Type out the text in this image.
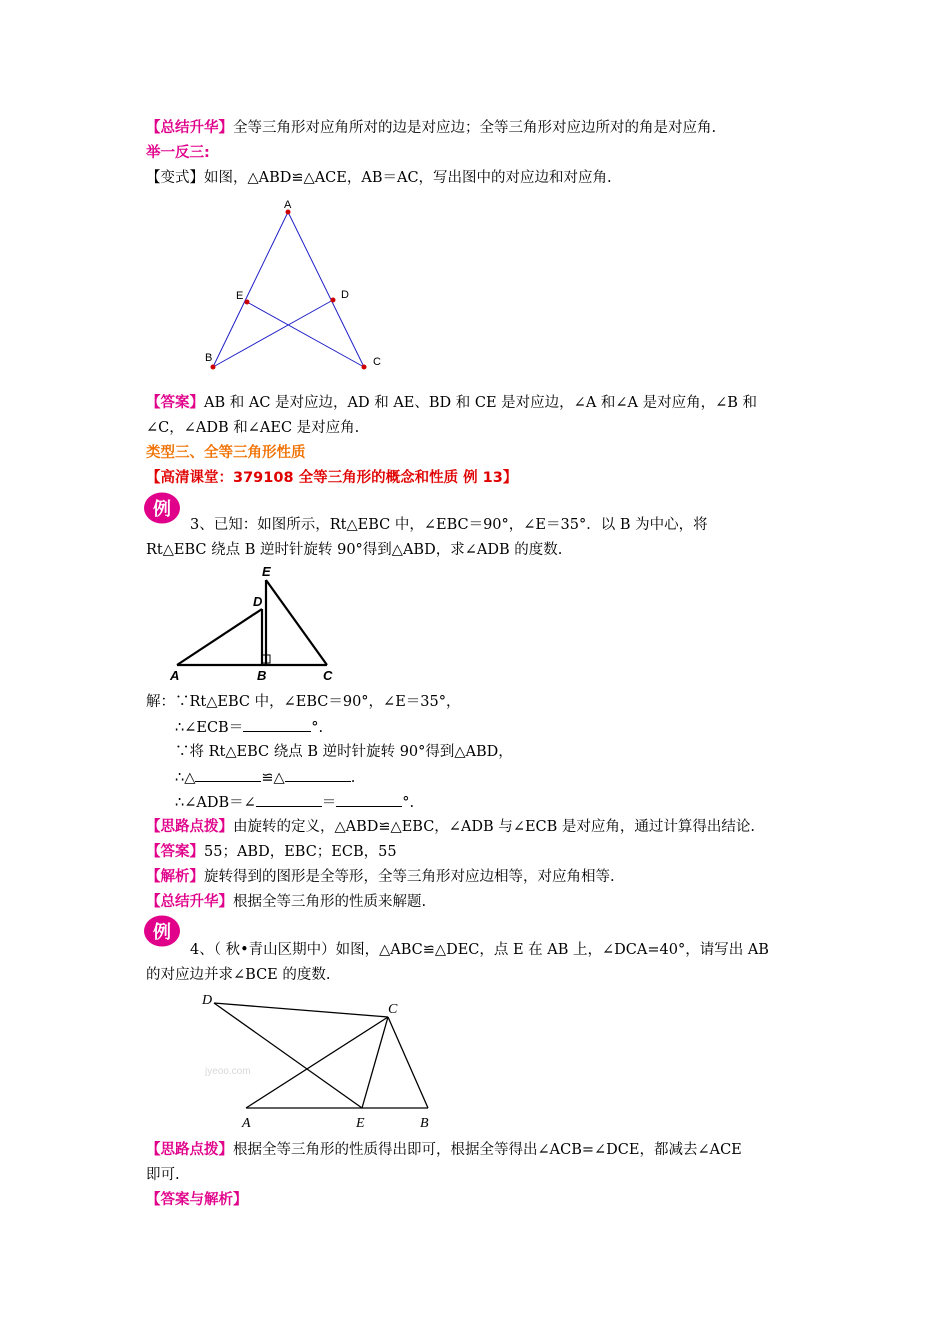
【总结升华】全等三角形对应角所对的边是对应边；全等三角形对应边所对的角是对应角.
举一反三:
【变式】如图，△ABD≌△ACE，AB＝AC，写出图中的对应边和对应角.
A
E	D
B	C
【答案】AB 和 AC 是对应边，AD 和 AE、BD 和 CE 是对应边，∠A 和∠A 是对应角，∠B 和
∠C，∠ADB 和∠AEC 是对应角.
类型三、全等三角形性质
【高清课堂：379108 全等三角形的概念和性质 例 13】
例
3、已知：如图所示，Rt△EBC 中，∠EBC＝90°，∠E＝35°．以 B 为中心，将
Rt△EBC 绕点 B 逆时针旋转 90°得到△ABD，求∠ADB 的度数.
E
D
A	B	C
解：∵Rt△EBC 中，∠EBC＝90°，∠E＝35°，
∴∠ECB＝	°.
∵将 Rt△EBC 绕点 B 逆时针旋转 90°得到△ABD，
∴△	≌△	.
∴∠ADB＝∠	＝	°.
【思路点拨】由旋转的定义，△ABD≌△EBC，∠ADB 与∠ECB 是对应角，通过计算得出结论.
【答案】55；ABD，EBC；ECB，55
【解析】旋转得到的图形是全等形，全等三角形对应边相等，对应角相等.
【总结升华】根据全等三角形的性质来解题.
例
4、（ 秋•青山区期中）如图，△ABC≌△DEC，点 E 在 AB 上，∠DCA=40°，请写出 AB
的对应边并求∠BCE 的度数.
jyeoo.com
D
C
A	E	B
【思路点拨】根据全等三角形的性质得出即可，根据全等得出∠ACB=∠DCE，都减去∠ACE
即可.
【答案与解析】
